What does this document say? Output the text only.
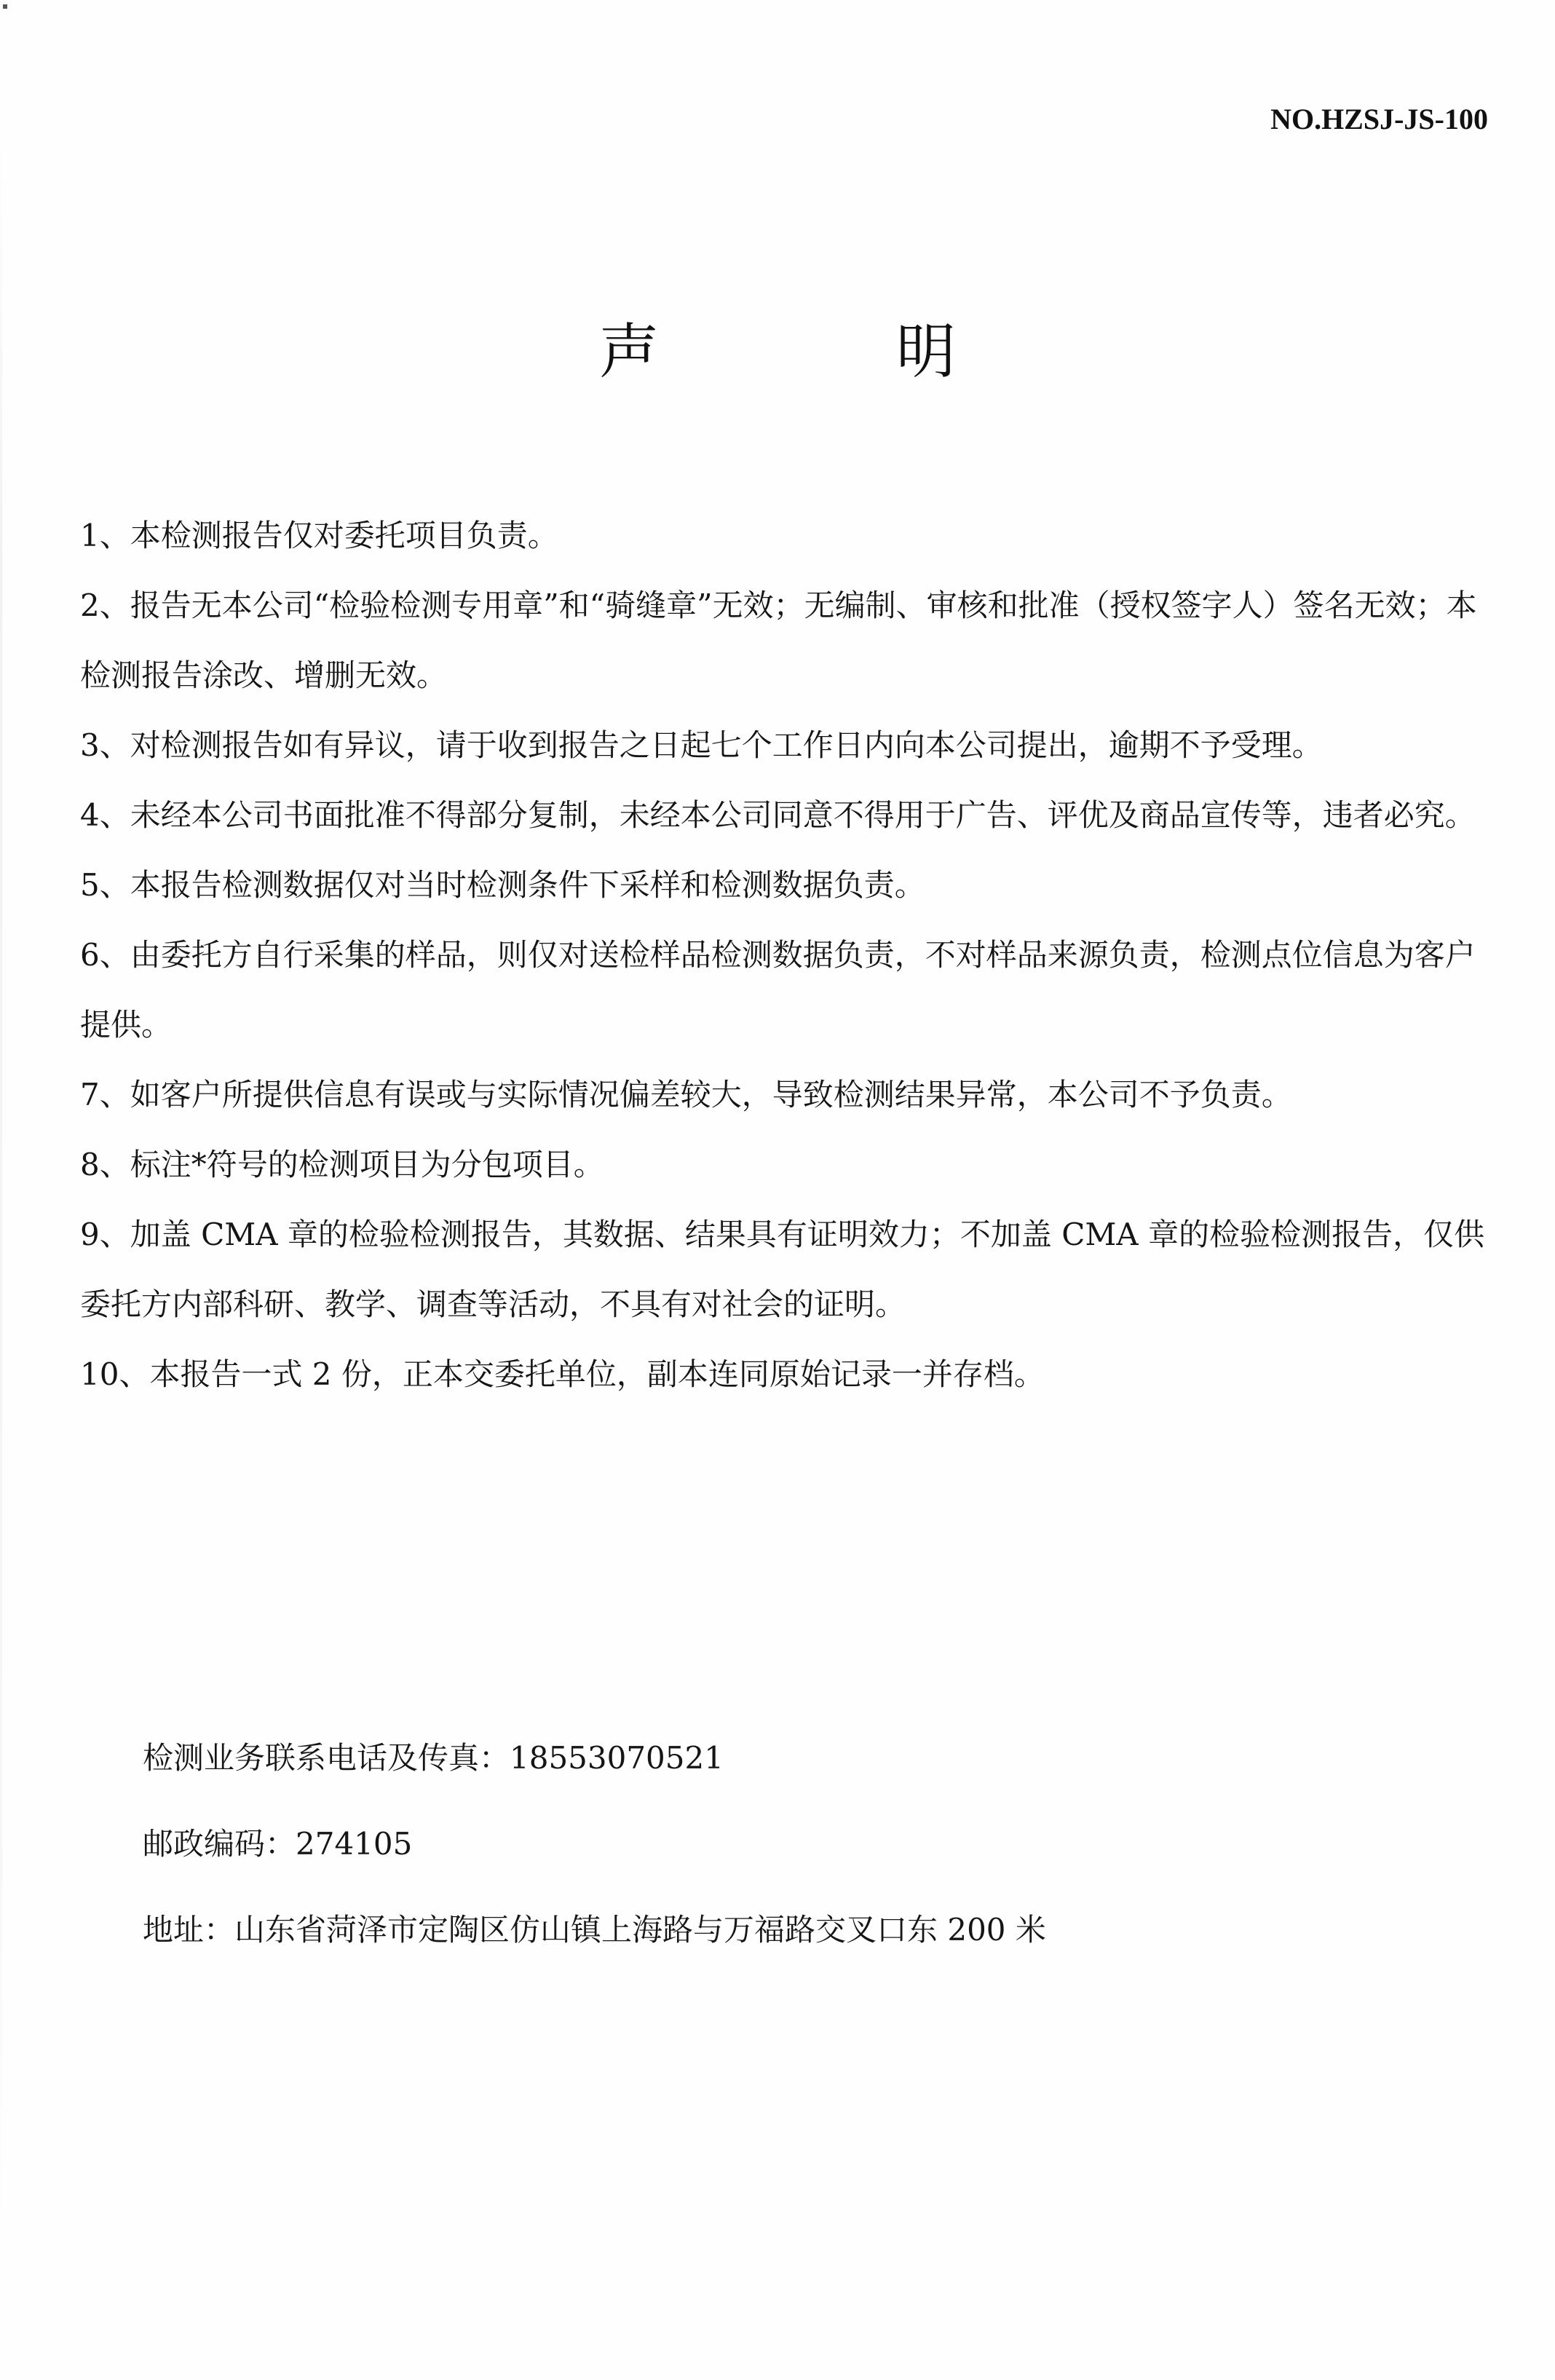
NO.HZSJ-JS-100
声 明
1、本检测报告仅对委托项目负责。
2、报告无本公司“检验检测专用章”和“骑缝章”无效；无编制、审核和批准（授权签字人）签名无效；本检测报告涂改、增删无效。
3、对检测报告如有异议，请于收到报告之日起七个工作日内向本公司提出，逾期不予受理。
4、未经本公司书面批准不得部分复制，未经本公司同意不得用于广告、评优及商品宣传等，违者必究。
5、本报告检测数据仅对当时检测条件下采样和检测数据负责。
6、由委托方自行采集的样品，则仅对送检样品检测数据负责，不对样品来源负责，检测点位信息为客户提供。
7、如客户所提供信息有误或与实际情况偏差较大，导致检测结果异常，本公司不予负责。
8、标注*符号的检测项目为分包项目。
9、加盖 CMA 章的检验检测报告，其数据、结果具有证明效力；不加盖 CMA 章的检验检测报告，仅供委托方内部科研、教学、调查等活动，不具有对社会的证明。
10、本报告一式 2 份，正本交委托单位，副本连同原始记录一并存档。
检测业务联系电话及传真：18553070521
邮政编码：274105
地址：山东省菏泽市定陶区仿山镇上海路与万福路交叉口东 200 米
